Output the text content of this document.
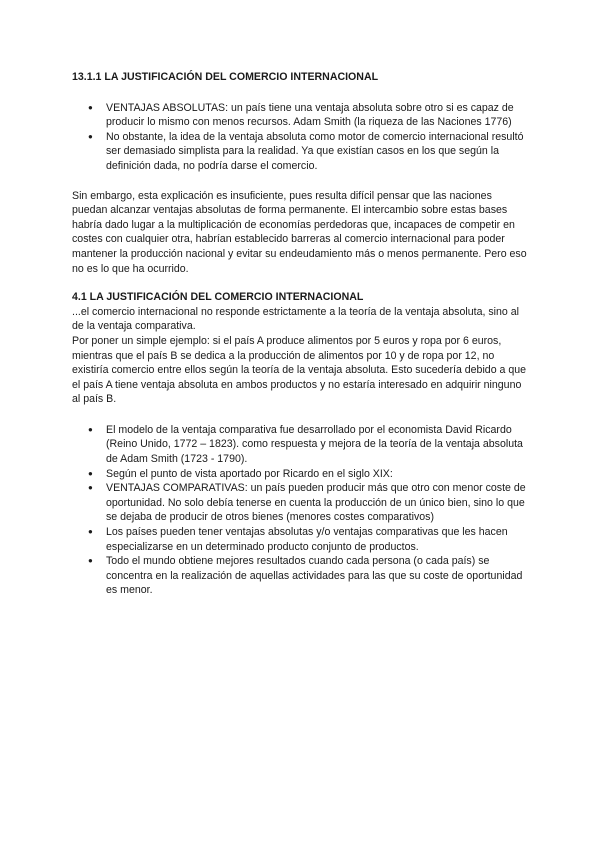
13.1.1 LA JUSTIFICACIÓN DEL COMERCIO INTERNACIONAL
● VENTAJAS ABSOLUTAS: un país tiene una ventaja absoluta sobre otro si es capaz de producir lo mismo con menos recursos. Adam Smith (la riqueza de las Naciones 1776)
● No obstante, la idea de la ventaja absoluta como motor de comercio internacional resultó ser demasiado simplista para la realidad. Ya que existían casos en los que según la definición dada, no podría darse el comercio.

Sin embargo, esta explicación es insuficiente, pues resulta difícil pensar que las naciones puedan alcanzar ventajas absolutas de forma permanente. El intercambio sobre estas bases habría dado lugar a la multiplicación de economías perdedoras que, incapaces de competir en costes con cualquier otra, habrían establecido barreras al comercio internacional para poder mantener la producción nacional y evitar su endeudamiento más o menos permanente. Pero eso no es lo que ha ocurrido.

4.1 LA JUSTIFICACIÓN DEL COMERCIO INTERNACIONAL

...el comercio internacional no responde estrictamente a la teoría de la ventaja absoluta, sino al de la ventaja comparativa.

Por poner un simple ejemplo: si el país A produce alimentos por 5 euros y ropa por 6 euros, mientras que el país B se dedica a la producción de alimentos por 10 y de ropa por 12, no existiría comercio entre ellos según la teoría de la ventaja absoluta. Esto sucedería debido a que el país A tiene ventaja absoluta en ambos productos y no estaría interesado en adquirir ninguno al país B.

● El modelo de la ventaja comparativa fue desarrollado por el economista David Ricardo (Reino Unido, 1772 – 1823). como respuesta y mejora de la teoría de la ventaja absoluta de Adam Smith (1723 - 1790).
● Según el punto de vista aportado por Ricardo en el siglo XIX:
● VENTAJAS COMPARATIVAS: un país pueden producir más que otro con menor coste de oportunidad. No solo debía tenerse en cuenta la producción de un único bien, sino lo que se dejaba de producir de otros bienes (menores costes comparativos)
● Los países pueden tener ventajas absolutas y/o ventajas comparativas que les hacen especializarse en un determinado producto conjunto de productos.
● Todo el mundo obtiene mejores resultados cuando cada persona (o cada país) se concentra en la realización de aquellas actividades para las que su coste de oportunidad es menor.
